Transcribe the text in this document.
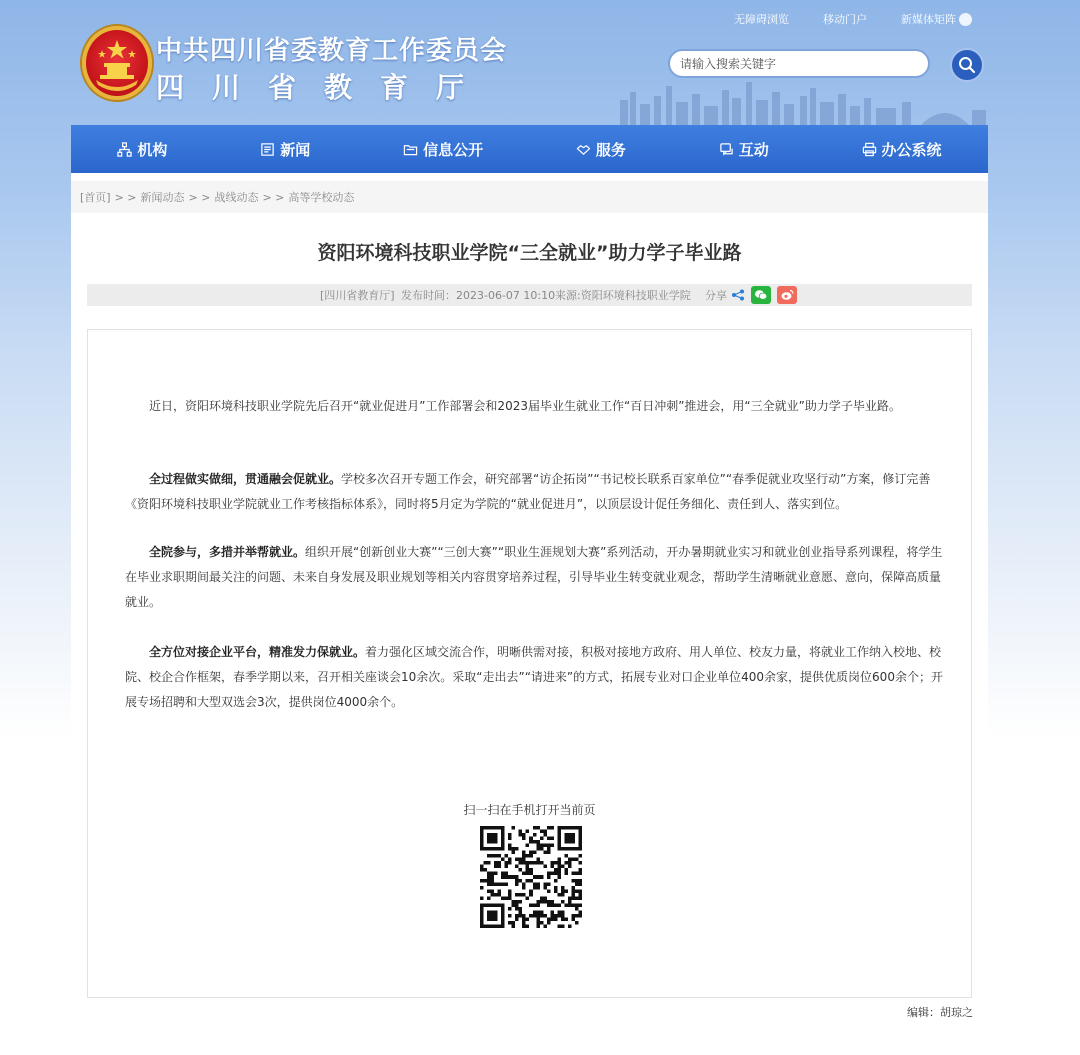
中共四川省委教育工作委员会
四川省教育厅
无障碍浏览	移动门户	新媒体矩阵
请输入搜索关键字
机构	新闻	信息公开	服务	互动	办公系统
[首页] > > 新闻动态 > > 战线动态 > > 高等学校动态
资阳环境科技职业学院“三全就业”助力学子毕业路
[四川省教育厅] 发布时间：2023-06-07 10:10 来源:资阳环境科技职业学院 分享

近日，资阳环境科技职业学院先后召开“就业促进月”工作部署会和2023届毕业生就业工作“百日冲刺”推进会，用“三全就业”助力学子毕业路。

全过程做实做细，贯通融会促就业。学校多次召开专题工作会，研究部署“访企拓岗”“书记校长联系百家单位”“春季促就业攻坚行动”方案，修订完善《资阳环境科技职业学院就业工作考核指标体系》，同时将5月定为学院的“就业促进月”，以顶层设计促任务细化、责任到人、落实到位。

全院参与，多措并举帮就业。组织开展“创新创业大赛”“三创大赛”“职业生涯规划大赛”系列活动，开办暑期就业实习和就业创业指导系列课程，将学生在毕业求职期间最关注的问题、未来自身发展及职业规划等相关内容贯穿培养过程，引导毕业生转变就业观念，帮助学生清晰就业意愿、意向，保障高质量就业。

全方位对接企业平台，精准发力保就业。着力强化区域交流合作，明晰供需对接，积极对接地方政府、用人单位、校友力量，将就业工作纳入校地、校院、校企合作框架，春季学期以来，召开相关座谈会10余次。采取“走出去”“请进来”的方式，拓展专业对口企业单位400余家，提供优质岗位600余个；开展专场招聘和大型双选会3次，提供岗位4000余个。

扫一扫在手机打开当前页
编辑：胡琼之
